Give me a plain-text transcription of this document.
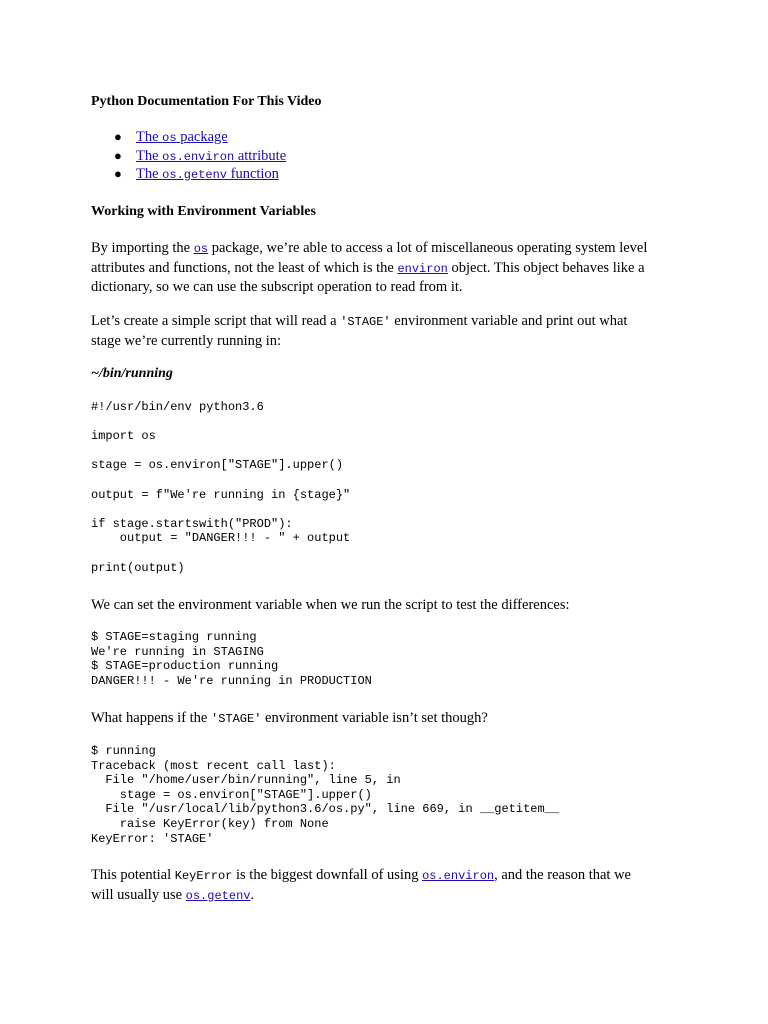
Python Documentation For This Video
● The os package
● The os.environ attribute
● The os.getenv function
Working with Environment Variables
By importing the os package, we’re able to access a lot of miscellaneous operating system level
attributes and functions, not the least of which is the environ object. This object behaves like a
dictionary, so we can use the subscript operation to read from it.
Let’s create a simple script that will read a 'STAGE' environment variable and print out what
stage we’re currently running in:
~/bin/running
#!/usr/bin/env python3.6

import os

stage = os.environ["STAGE"].upper()

output = f"We're running in {stage}"

if stage.startswith("PROD"):
output = "DANGER!!! - " + output

print(output)
We can set the environment variable when we run the script to test the differences:
$ STAGE=staging running
We're running in STAGING
$ STAGE=production running
DANGER!!! - We're running in PRODUCTION
What happens if the 'STAGE' environment variable isn’t set though?
$ running
Traceback (most recent call last):
File "/home/user/bin/running", line 5, in
stage = os.environ["STAGE"].upper()
File "/usr/local/lib/python3.6/os.py", line 669, in __getitem__
raise KeyError(key) from None
KeyError: 'STAGE'
This potential KeyError is the biggest downfall of using os.environ, and the reason that we
will usually use os.getenv.
